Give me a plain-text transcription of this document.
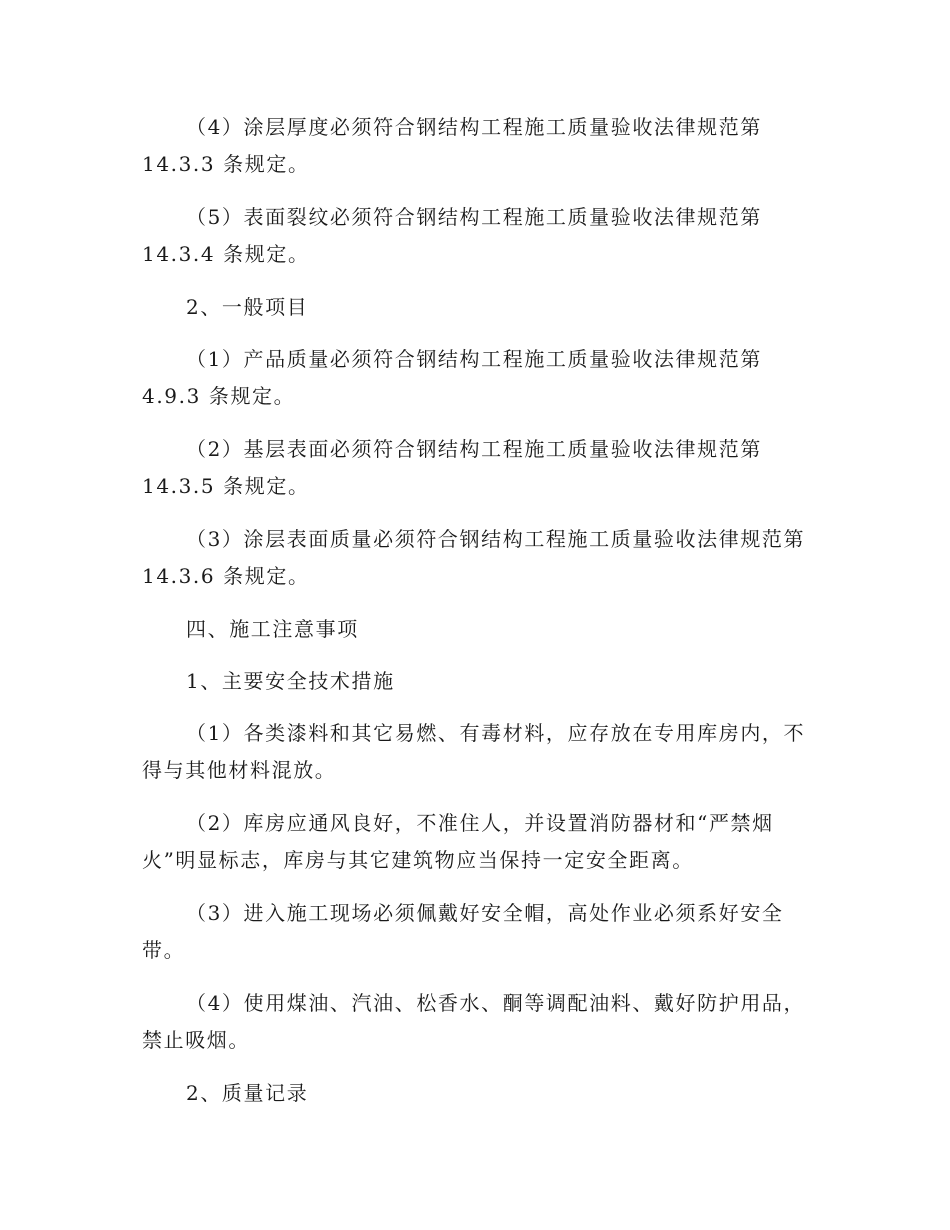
（4）涂层厚度必须符合钢结构工程施工质量验收法律规范第
14.3.3 条规定。
（5）表面裂纹必须符合钢结构工程施工质量验收法律规范第
14.3.4 条规定。
2、一般项目
（1）产品质量必须符合钢结构工程施工质量验收法律规范第
4.9.3 条规定。
（2）基层表面必须符合钢结构工程施工质量验收法律规范第
14.3.5 条规定。
（3）涂层表面质量必须符合钢结构工程施工质量验收法律规范第
14.3.6 条规定。
四、施工注意事项
1、主要安全技术措施
（1）各类漆料和其它易燃、有毒材料，应存放在专用库房内，不
得与其他材料混放。
（2）库房应通风良好，不准住人，并设置消防器材和“严禁烟
火”明显标志，库房与其它建筑物应当保持一定安全距离。
（3）进入施工现场必须佩戴好安全帽，高处作业必须系好安全
带。
（4）使用煤油、汽油、松香水、酮等调配油料、戴好防护用品，
禁止吸烟。
2、质量记录
